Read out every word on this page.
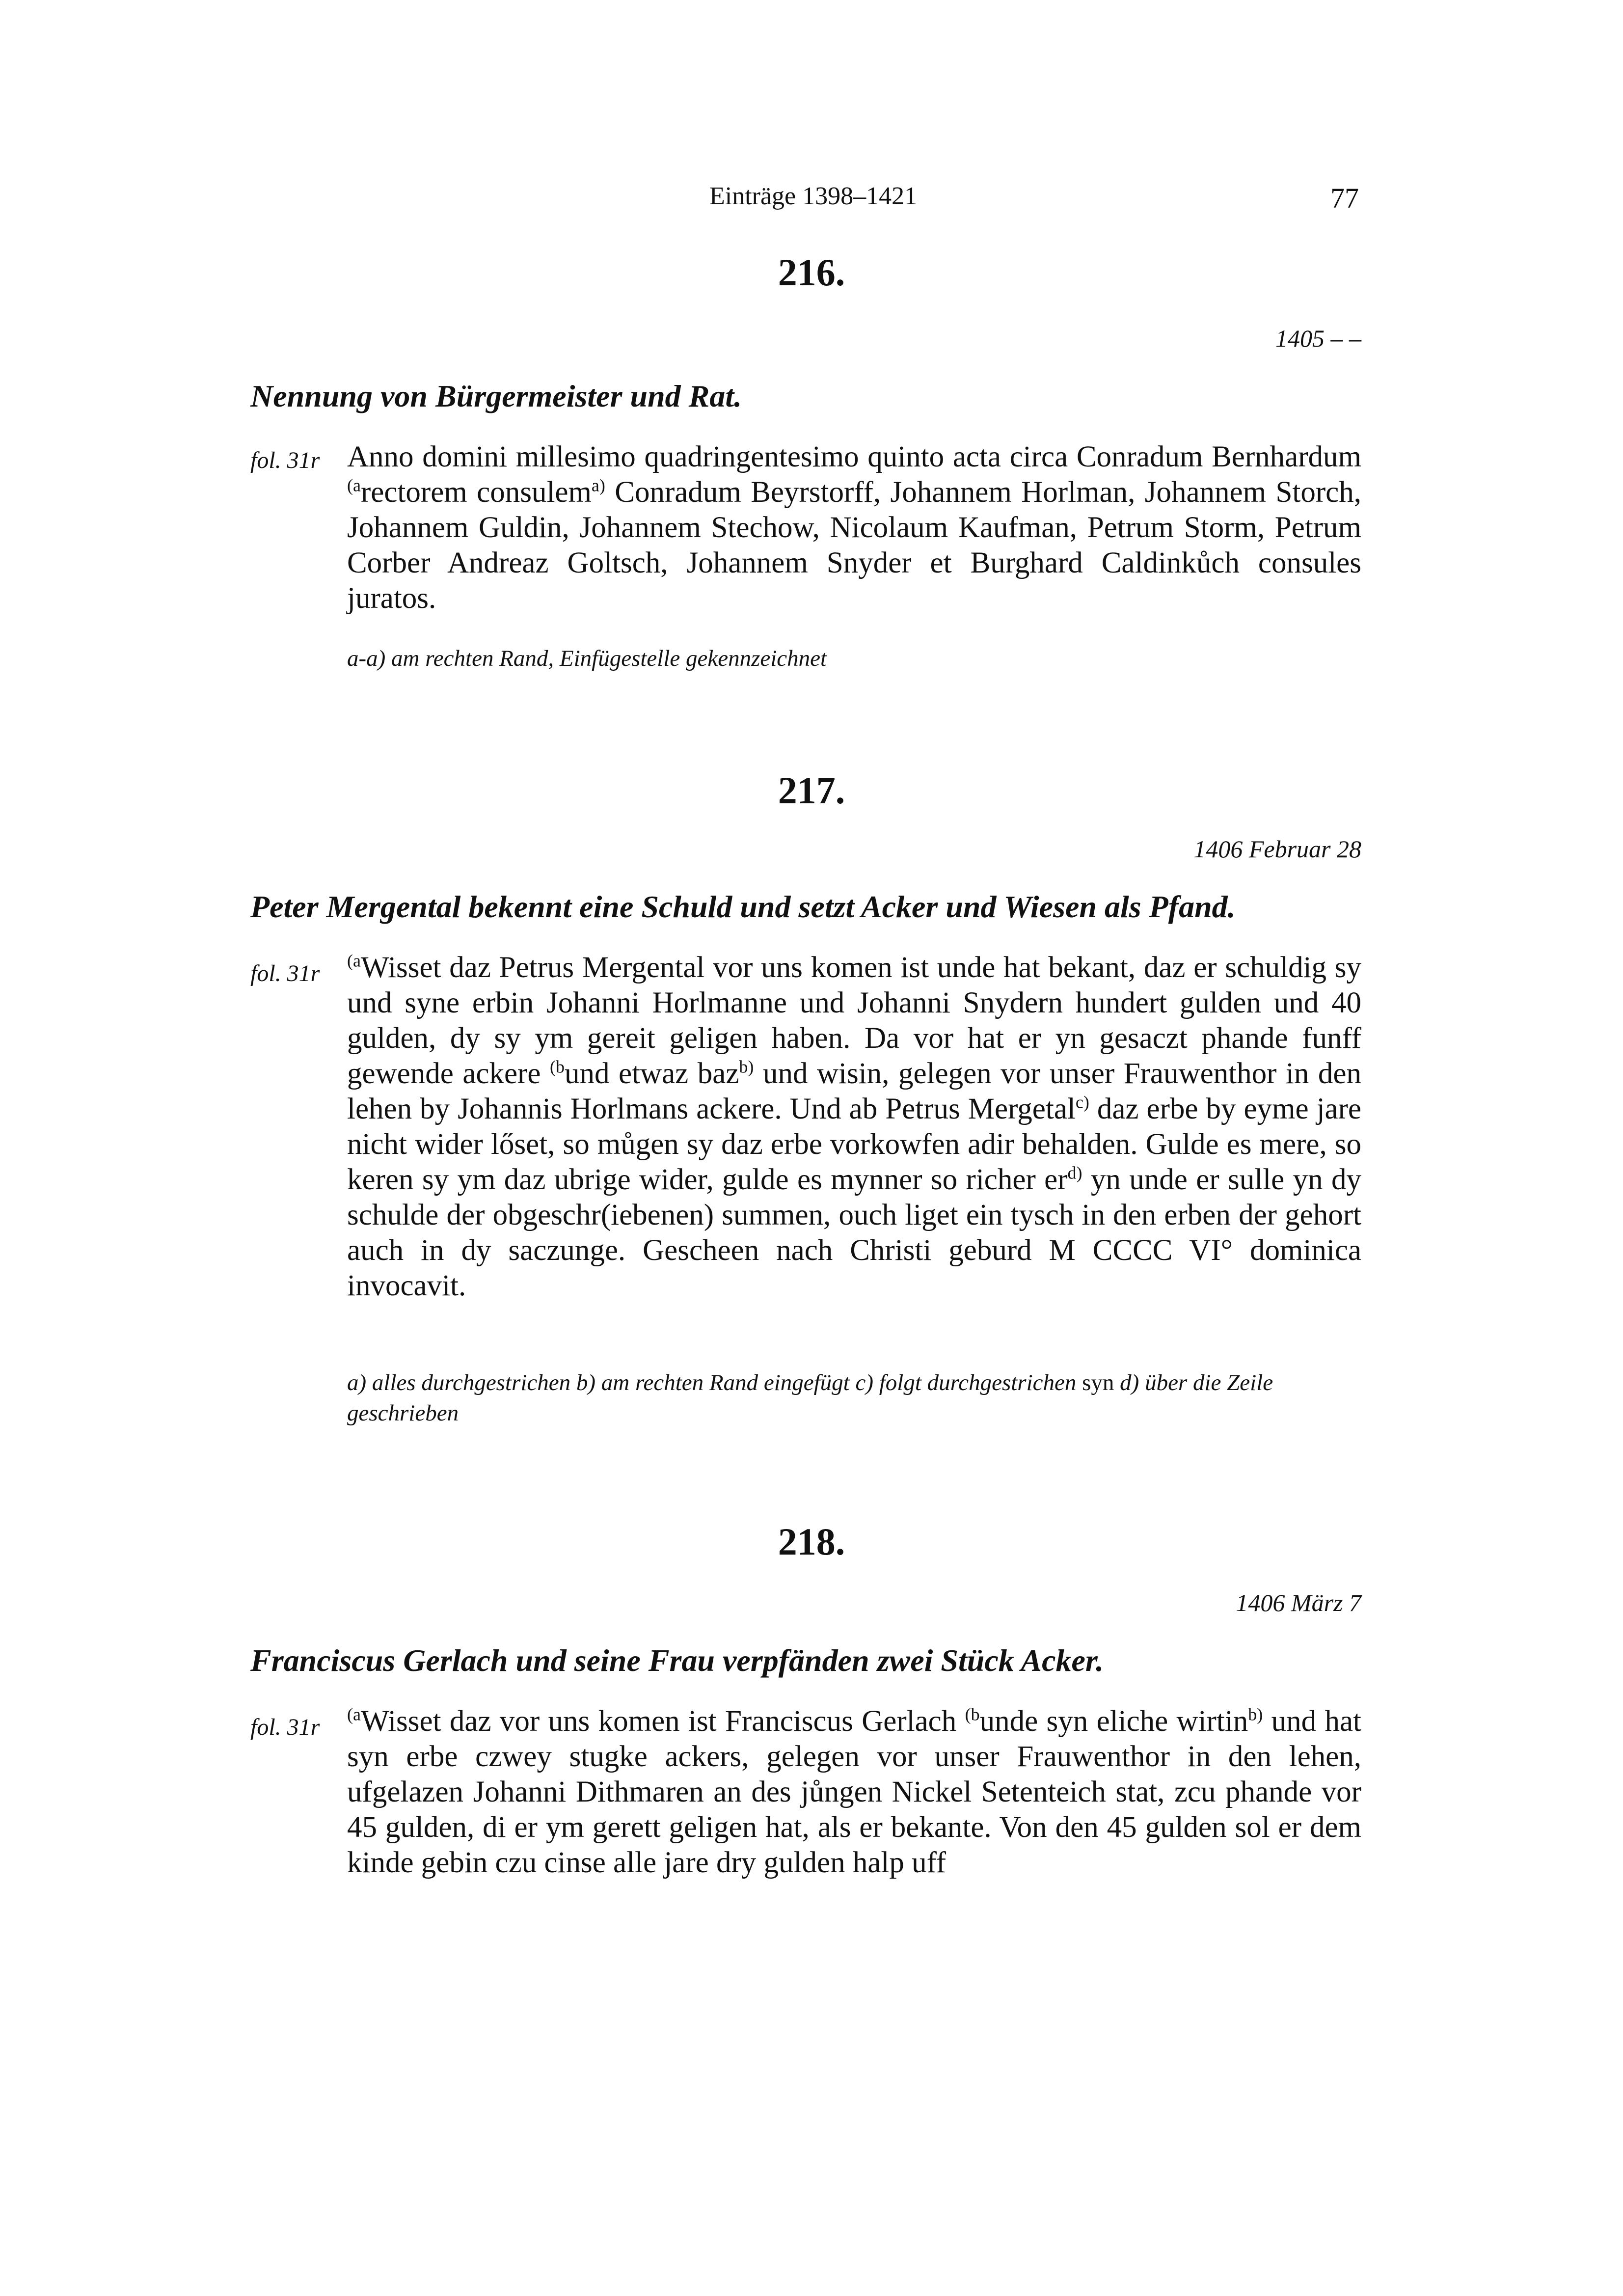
Einträge 1398–1421	77
216.
1405 – –
Nennung von Bürgermeister und Rat.
fol. 31r Anno domini millesimo quadringentesimo quinto acta circa Conradum Bernhardum $^{(a}$rectorem consulem$^{a)}$ Conradum Beyrstorff, Johannem Horlman, Johannem Storch, Johannem Guldin, Johannem Stechow, Nicolaum Kaufman, Petrum Storm, Petrum Corber Andreaz Goltsch, Johannem Snyder et Burghard Caldinkůch consules juratos.
a-a) am rechten Rand, Einfügestelle gekennzeichnet
217.
1406 Februar 28
Peter Mergental bekennt eine Schuld und setzt Acker und Wiesen als Pfand.
fol. 31r $^{(a}$Wisset daz Petrus Mergental vor uns komen ist unde hat bekant, daz er schuldig sy und syne erbin Johanni Horlmanne und Johanni Snydern hundert gulden und 40 gulden, dy sy ym gereit geligen haben. Da vor hat er yn gesaczt phande funff gewende ackere $^{(b}$und etwaz baz$^{b)}$ und wisin, gelegen vor unser Frauwenthor in den lehen by Johannis Horlmans ackere. Und ab Petrus Mergetal$^{c)}$ daz erbe by eyme jare nicht wider lőset, so můgen sy daz erbe vorkowfen adir behalden. Gulde es mere, so keren sy ym daz ubrige wider, gulde es mynner so richer $er^{d)}$ yn unde er sulle yn dy schulde der obgeschr(iebenen) summen, ouch liget ein tysch in den erben der gehort auch in dy saczunge. Gescheen nach Christi geburd M CCCC VI° dominica invocavit.
a) alles durchgestrichen b) am rechten Rand eingefügt c) folgt durchgestrichen syn d) über die Zeile geschrieben
218.
1406 März 7
Franciscus Gerlach und seine Frau verpfänden zwei Stück Acker.
fol. 31r $^{(a}$Wisset daz vor uns komen ist Franciscus Gerlach $^{(b}$unde syn eliche wirtin$^{b)}$ und hat syn erbe czwey stugke ackers, gelegen vor unser Frauwenthor in den lehen, ufgelazen Johanni Dithmaren an des jůngen Nickel Setenteich stat, zcu phande vor 45 gulden, di er ym gerett geligen hat, als er bekante. Von den 45 gulden sol er dem kinde gebin czu cinse alle jare dry gulden halp uff
